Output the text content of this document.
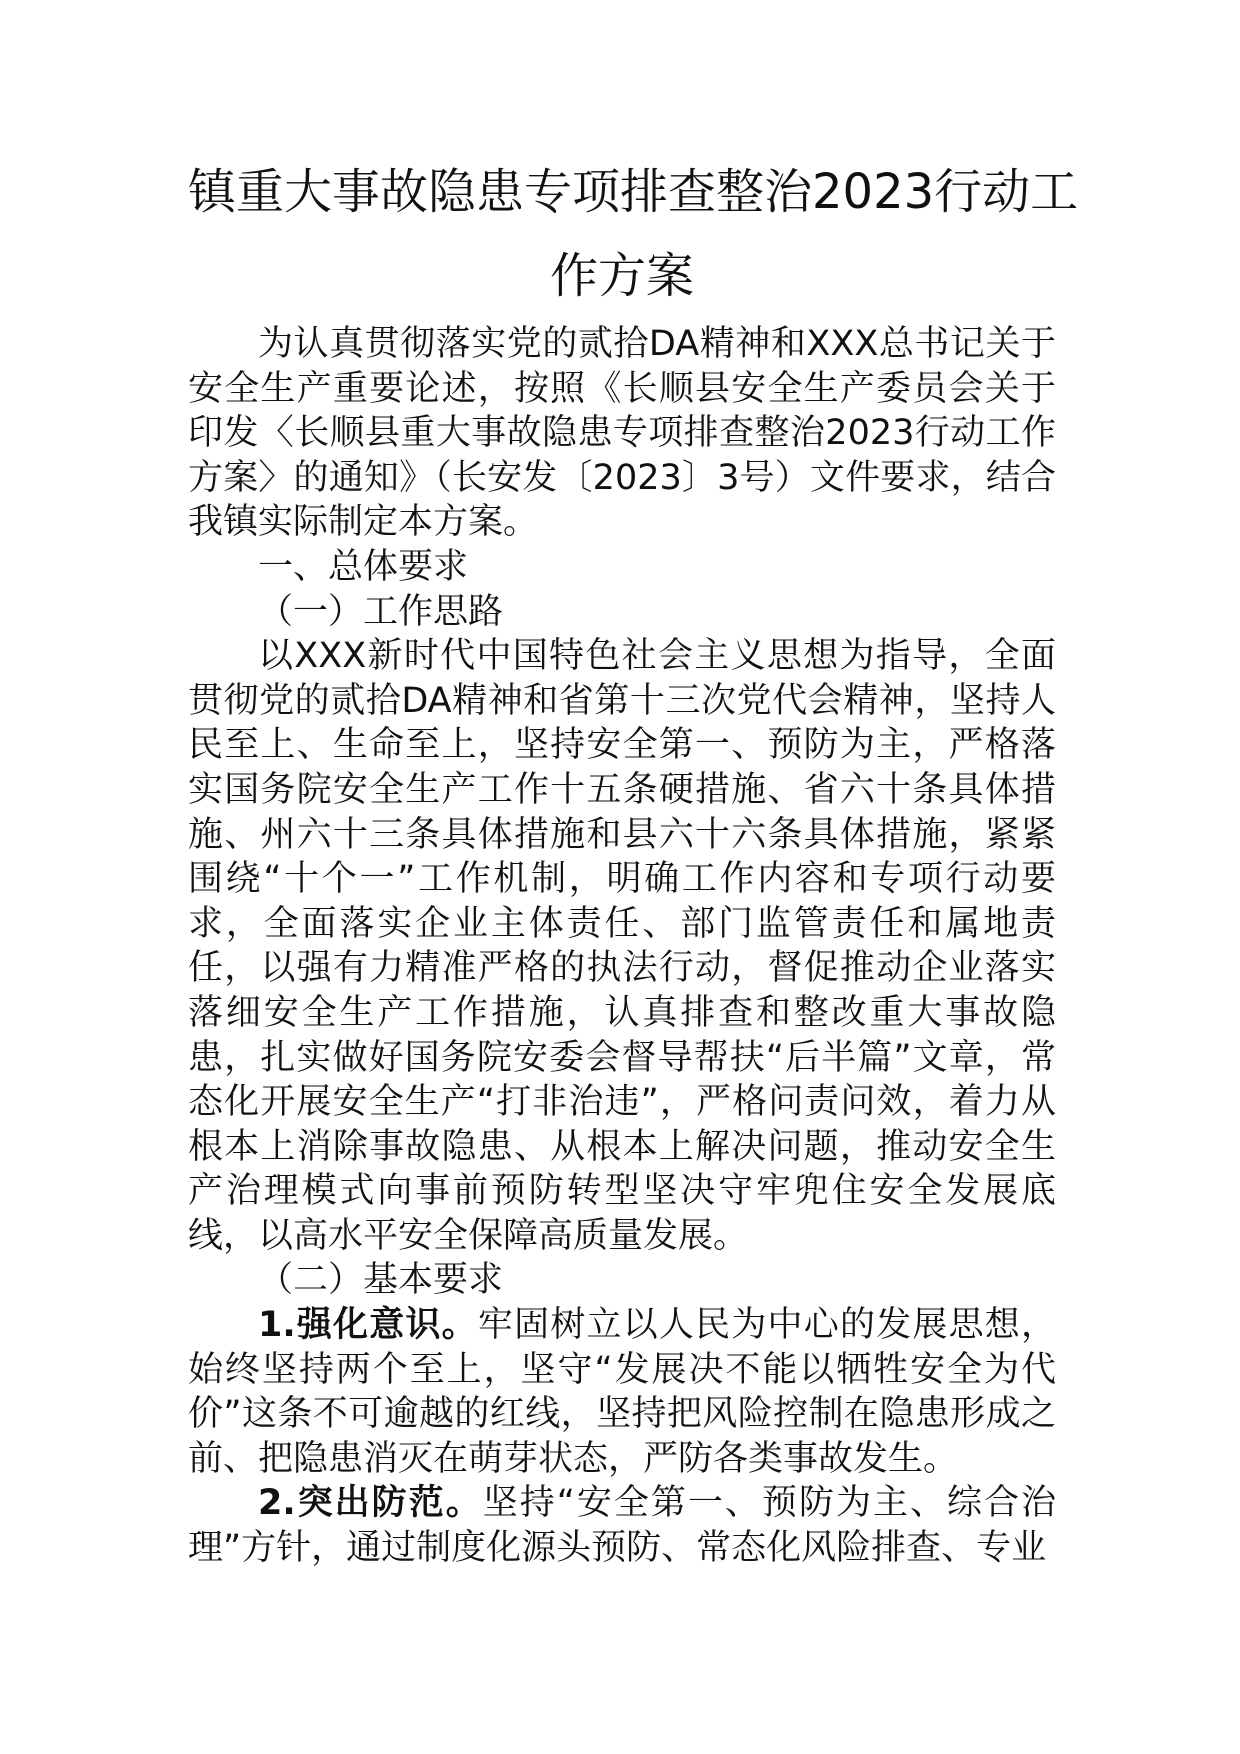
镇重大事故隐患专项排查整治2023行动工
作方案

为认真贯彻落实党的贰拾DA精神和XXX总书记关于安全生产重要论述，按照《长顺县安全生产委员会关于印发〈长顺县重大事故隐患专项排查整治2023行动工作方案〉的通知》（长安发〔2023〕3号）文件要求，结合我镇实际制定本方案。

一、总体要求

（一）工作思路

以XXX新时代中国特色社会主义思想为指导，全面贯彻党的贰拾DA精神和省第十三次党代会精神，坚持人民至上、生命至上，坚持安全第一、预防为主，严格落实国务院安全生产工作十五条硬措施、省六十条具体措施、州六十三条具体措施和县六十六条具体措施，紧紧围绕“十个一”工作机制，明确工作内容和专项行动要求，全面落实企业主体责任、部门监管责任和属地责任，以强有力精准严格的执法行动，督促推动企业落实落细安全生产工作措施，认真排查和整改重大事故隐患，扎实做好国务院安委会督导帮扶“后半篇”文章，常态化开展安全生产“打非治违”，严格问责问效，着力从根本上消除事故隐患、从根本上解决问题，推动安全生产治理模式向事前预防转型坚决守牢兜住安全发展底线，以高水平安全保障高质量发展。

（二）基本要求

1.强化意识。牢固树立以人民为中心的发展思想，始终坚持两个至上，坚守“发展决不能以牺牲安全为代价”这条不可逾越的红线，坚持把风险控制在隐患形成之前、把隐患消灭在萌芽状态，严防各类事故发生。

2.突出防范。坚持“安全第一、预防为主、综合治理”方针，通过制度化源头预防、常态化风险排查、专业
